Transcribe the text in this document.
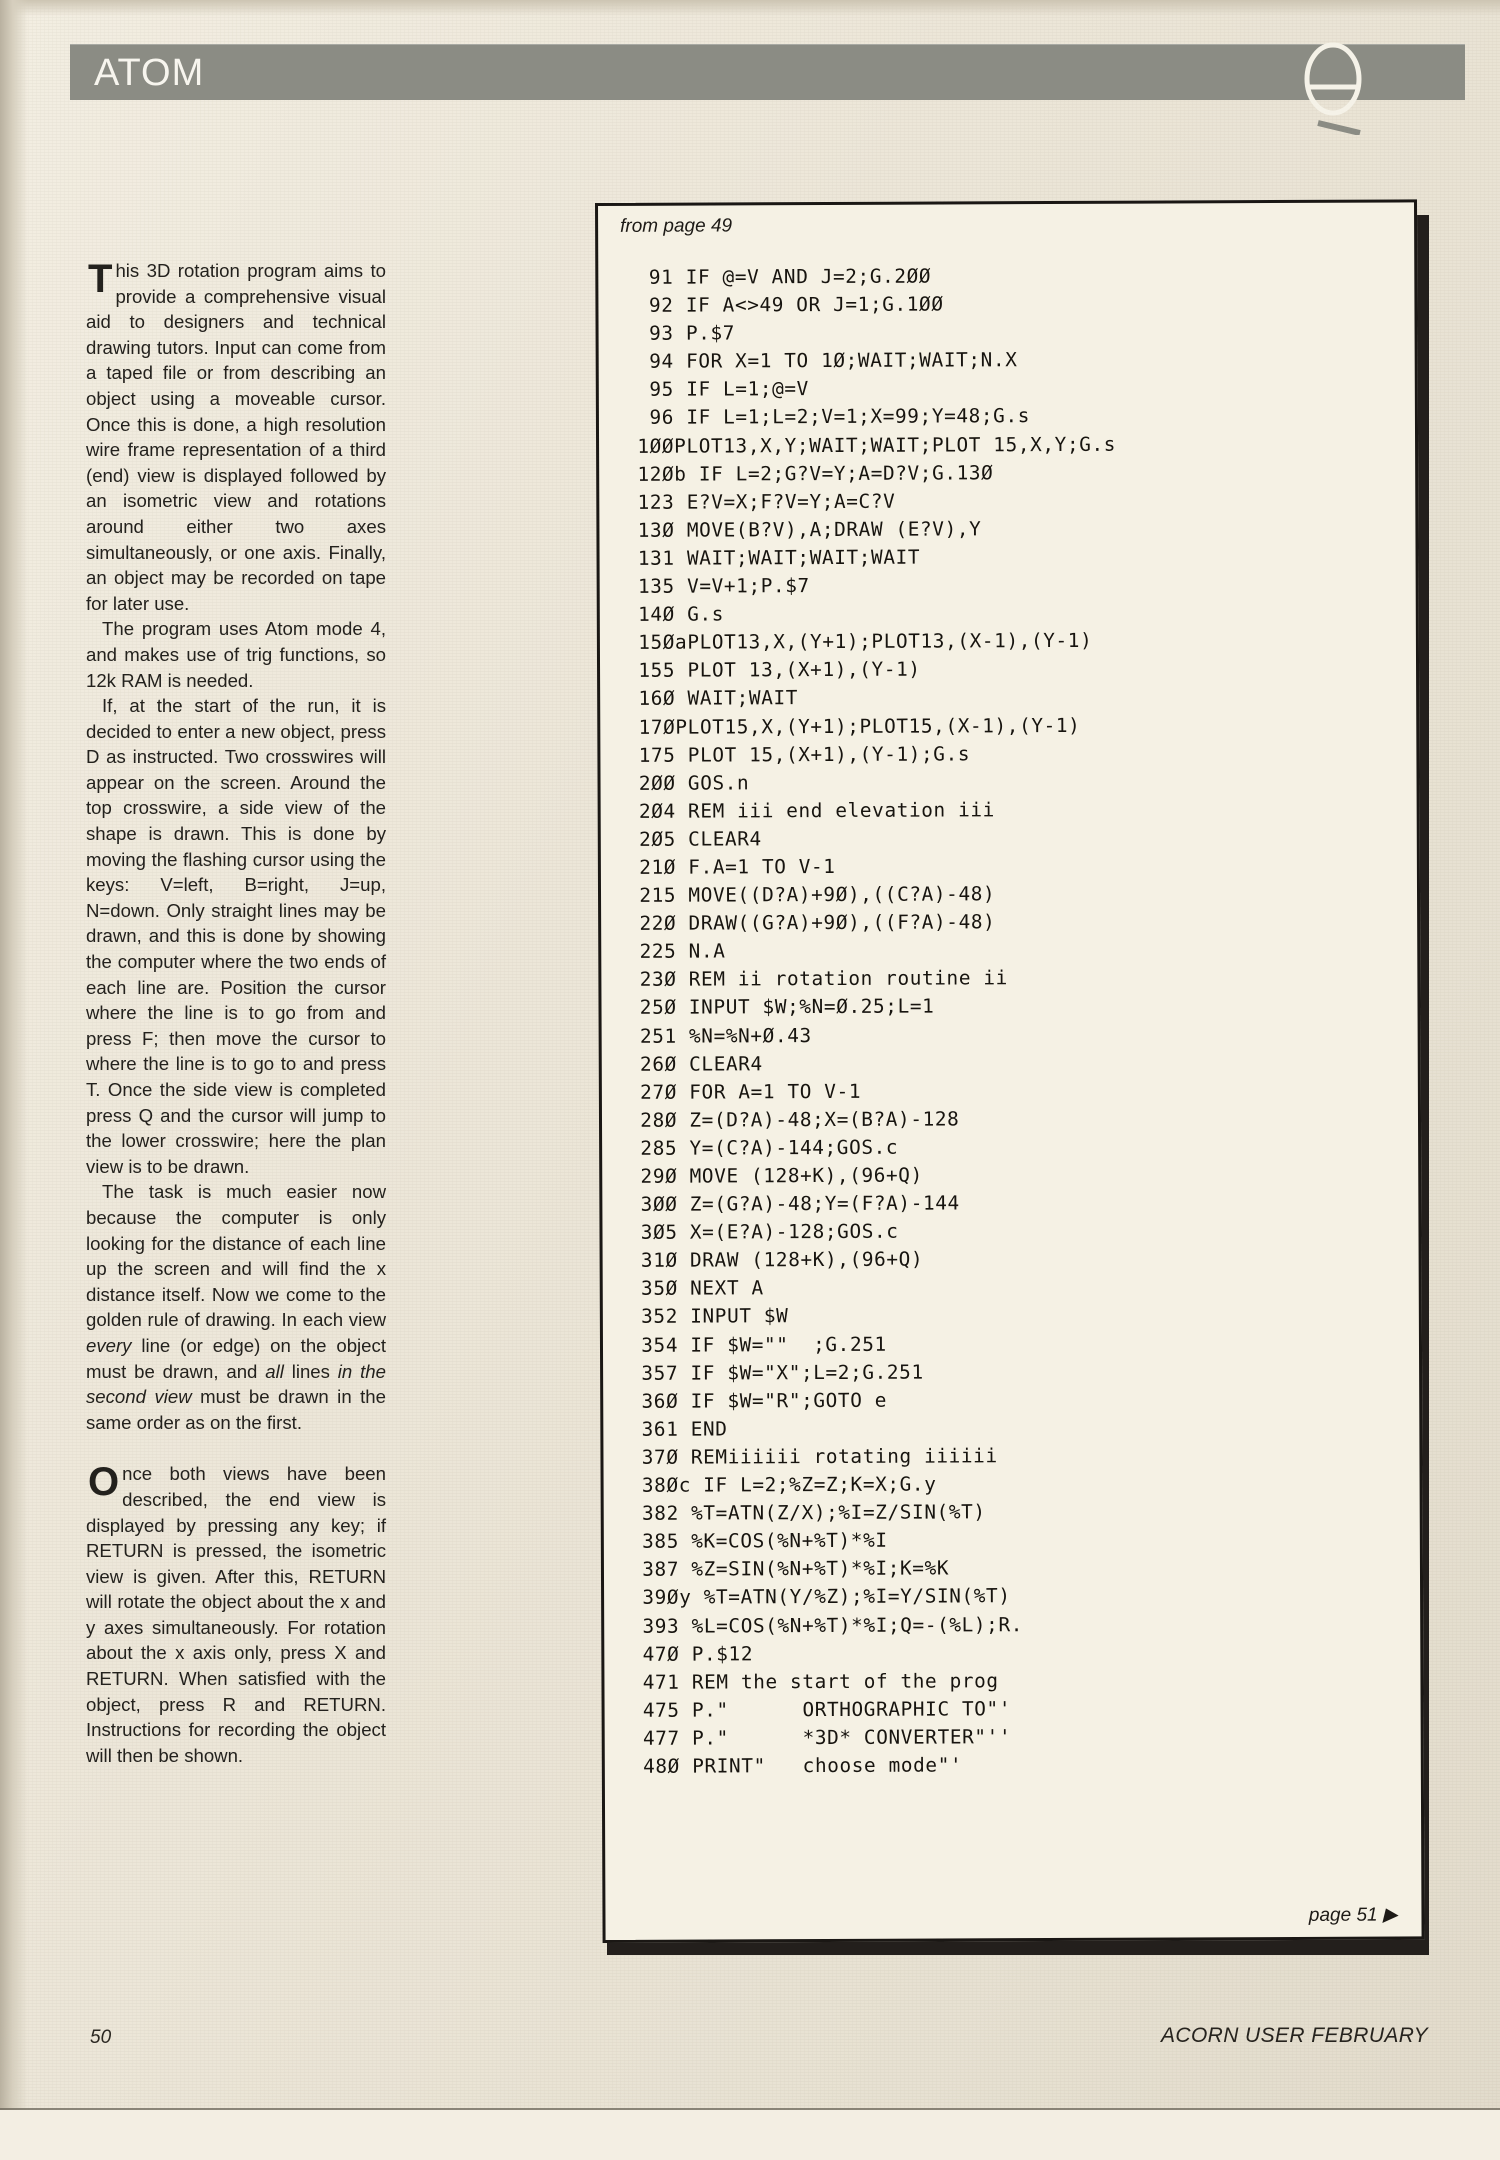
ATOM

This 3D rotation program aims to provide a comprehensive visual aid to designers and technical drawing tutors. Input can come from a taped file or from describing an object using a moveable cursor. Once this is done, a high resolution wire frame representation of a third (end) view is displayed followed by an isometric view and rotations around either two axes simultaneously, or one axis. Finally, an object may be recorded on tape for later use.

The program uses Atom mode 4, and makes use of trig functions, so 12k RAM is needed.

If, at the start of the run, it is decided to enter a new object, press D as instructed. Two crosswires will appear on the screen. Around the top crosswire, a side view of the shape is drawn. This is done by moving the flashing cursor using the keys: V=left, B=right, J=up, N=down. Only straight lines may be drawn, and this is done by showing the computer where the two ends of each line are. Position the cursor where the line is to go from and press F; then move the cursor to where the line is to go to and press T. Once the side view is completed press Q and the cursor will jump to the lower crosswire; here the plan view is to be drawn.

The task is much easier now because the computer is only looking for the distance of each line up the screen and will find the x distance itself. Now we come to the golden rule of drawing. In each view every line (or edge) on the object must be drawn, and all lines in the second view must be drawn in the same order as on the first.

Once both views have been described, the end view is displayed by pressing any key; if RETURN is pressed, the isometric view is given. After this, RETURN will rotate the object about the x and y axes simultaneously. For rotation about the x axis only, press X and RETURN. When satisfied with the object, press R and RETURN. Instructions for recording the object will then be shown.

from page 49
91 IF @=V AND J=2;G.2ØØ
92 IF A<>49 OR J=1;G.1ØØ
93 P.$7
94 FOR X=1 TO 1Ø;WAIT;WAIT;N.X
95 IF L=1;@=V
96 IF L=1;L=2;V=1;X=99;Y=48;G.s
1ØØPLOT13,X,Y;WAIT;WAIT;PLOT 15,X,Y;G.s
12Øb IF L=2;G?V=Y;A=D?V;G.13Ø
123 E?V=X;F?V=Y;A=C?V
13Ø MOVE(B?V),A;DRAW (E?V),Y
131 WAIT;WAIT;WAIT;WAIT
135 V=V+1;P.$7
14Ø G.s
15ØaPLOT13,X,(Y+1);PLOT13,(X-1),(Y-1)
155 PLOT 13,(X+1),(Y-1)
16Ø WAIT;WAIT
17ØPLOT15,X,(Y+1);PLOT15,(X-1),(Y-1)
175 PLOT 15,(X+1),(Y-1);G.s
2ØØ GOS.n
2Ø4 REM iii end elevation iii
2Ø5 CLEAR4
21Ø F.A=1 TO V-1
215 MOVE((D?A)+9Ø),((C?A)-48)
22Ø DRAW((G?A)+9Ø),((F?A)-48)
225 N.A
23Ø REM ii rotation routine ii
25Ø INPUT $W;%N=Ø.25;L=1
251 %N=%N+Ø.43
26Ø CLEAR4
27Ø FOR A=1 TO V-1
28Ø Z=(D?A)-48;X=(B?A)-128
285 Y=(C?A)-144;GOS.c
29Ø MOVE (128+K),(96+Q)
3ØØ Z=(G?A)-48;Y=(F?A)-144
3Ø5 X=(E?A)-128;GOS.c
31Ø DRAW (128+K),(96+Q)
35Ø NEXT A
352 INPUT $W
354 IF $W=""  ;G.251
357 IF $W="X";L=2;G.251
36Ø IF $W="R";GOTO e
361 END
37Ø REMiiiiii rotating iiiiii
38Øc IF L=2;%Z=Z;K=X;G.y
382 %T=ATN(Z/X);%I=Z/SIN(%T)
385 %K=COS(%N+%T)*%I
387 %Z=SIN(%N+%T)*%I;K=%K
39Øy %T=ATN(Y/%Z);%I=Y/SIN(%T)
393 %L=COS(%N+%T)*%I;Q=-(%L);R.
47Ø P.$12
471 REM the start of the prog
475 P."      ORTHOGRAPHIC TO"'
477 P."      *3D* CONVERTER"''
48Ø PRINT"   choose mode"'
page 51 ▶
50	ACORN USER FEBRUARY
